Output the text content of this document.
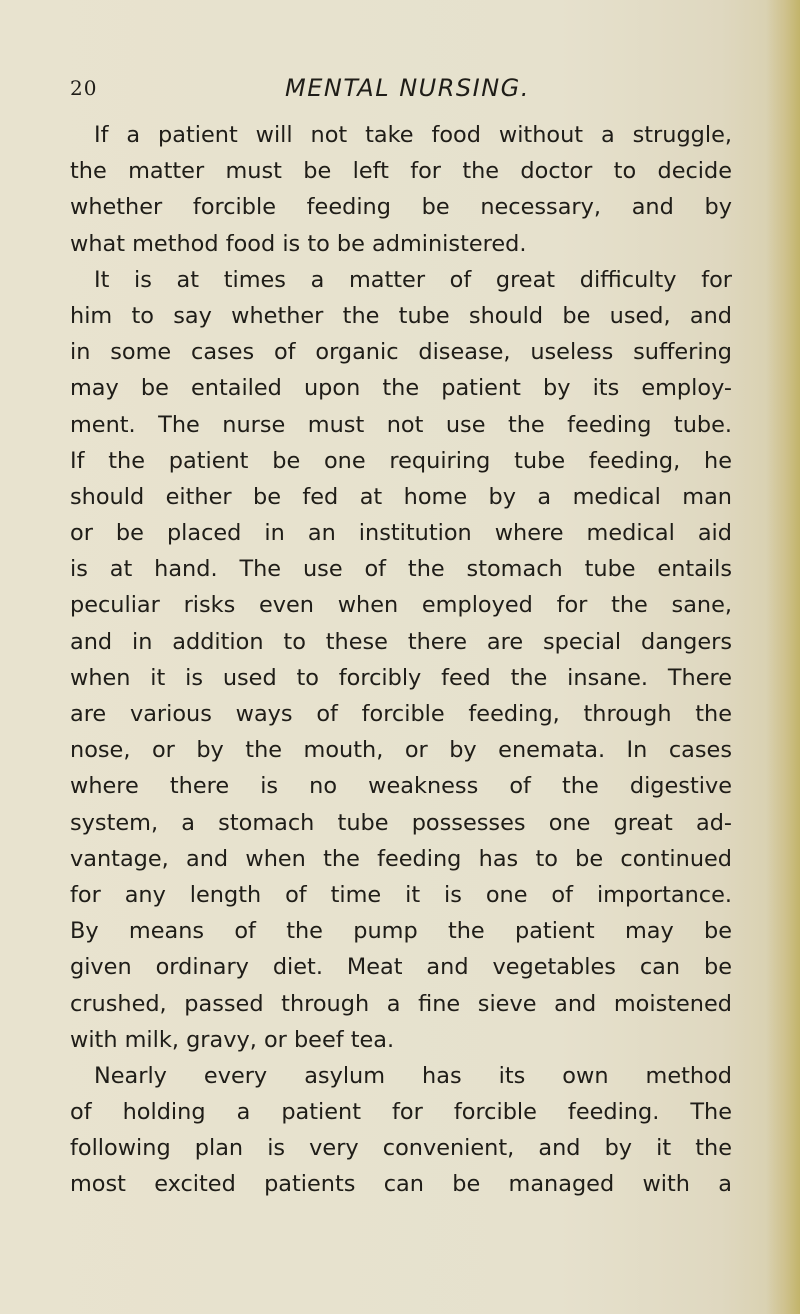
20	MENTAL NURSING.
If a patient will not take food without a struggle,
the matter must be left for the doctor to decide
whether forcible feeding be necessary, and by
what method food is to be administered.
It is at times a matter of great difficulty for
him to say whether the tube should be used, and
in some cases of organic disease, useless suffering
may be entailed upon the patient by its employ-
ment. The nurse must not use the feeding tube.
If the patient be one requiring tube feeding, he
should either be fed at home by a medical man
or be placed in an institution where medical aid
is at hand. The use of the stomach tube entails
peculiar risks even when employed for the sane,
and in addition to these there are special dangers
when it is used to forcibly feed the insane. There
are various ways of forcible feeding, through the
nose, or by the mouth, or by enemata. In cases
where there is no weakness of the digestive
system, a stomach tube possesses one great ad-
vantage, and when the feeding has to be continued
for any length of time it is one of importance.
By means of the pump the patient may be
given ordinary diet. Meat and vegetables can be
crushed, passed through a fine sieve and moistened
with milk, gravy, or beef tea.
Nearly every asylum has its own method
of holding a patient for forcible feeding. The
following plan is very convenient, and by it the
most excited patients can be managed with a
